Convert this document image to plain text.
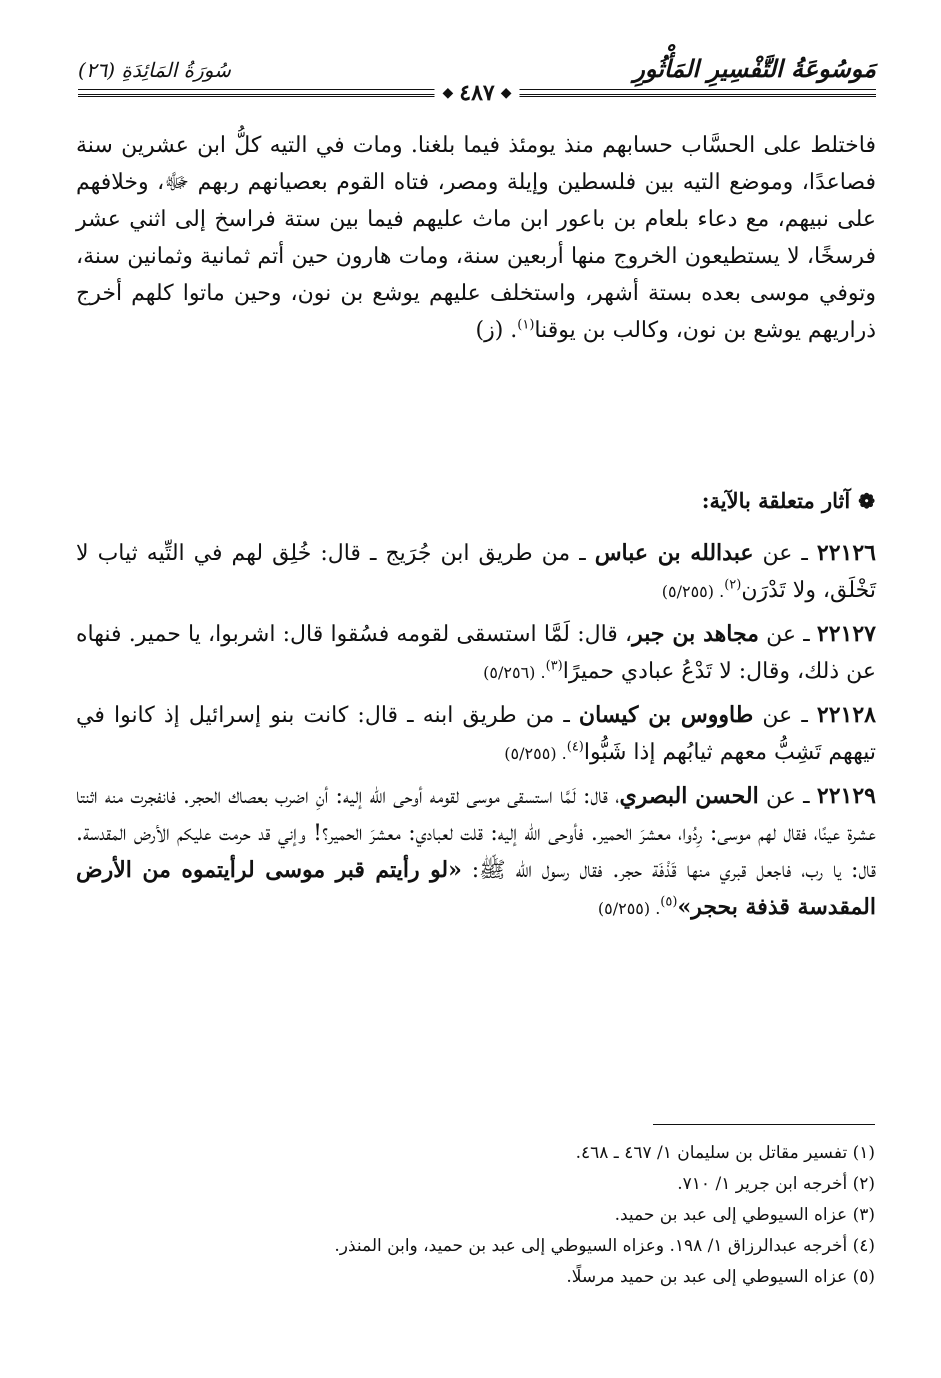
مَوسُوعَةُ التَّفْسِيرِ المَأْثُورِ
سُورَةُ المَائِدَةِ (٢٦)
◆
٤٨٧
◆

فاختلط على الحسَّاب حسابهم منذ يومئذ فيما بلغنا. ومات في التيه كلُّ ابن عشرين سنة فصاعدًا، وموضع التيه بين فلسطين وإيلة ومصر، فتاه القوم بعصيانهم ربهم ﷻ، وخلافهم على نبيهم، مع دعاء بلعام بن باعور ابن ماث عليهم فيما بين ستة فراسخ إلى اثني عشر فرسخًا، لا يستطيعون الخروج منها أربعين سنة، ومات هارون حين أتم ثمانية وثمانين سنة، وتوفي موسى بعده بستة أشهر، واستخلف عليهم يوشع بن نون، وحين ماتوا كلهم أخرج ذراريهم يوشع بن نون، وكالب بن يوقنا$^{(١)}$. (ز)

❁
آثار متعلقة بالآية:

٢٢١٢٦ ـ عن عبدالله بن عباس ـ من طريق ابن جُرَيج ـ قال: خُلِق لهم في التِّيه ثياب لا تَخْلَق، ولا تَدْرَن$^{(٢)}$. (٥/٢٥٥)

٢٢١٢٧ ـ عن مجاهد بن جبر، قال: لَمَّا استسقى لقومه فسُقوا قال: اشربوا، يا حمير. فنهاه عن ذلك، وقال: لا تَدْعُ عبادي حميرًا$^{(٣)}$. (٥/٢٥٦)

٢٢١٢٨ ـ عن طاووس بن كيسان ـ من طريق ابنه ـ قال: كانت بنو إسرائيل إذ كانوا في تيههم تَشِبُّ معهم ثيابُهم إذا شَبُّوا$^{(٤)}$. (٥/٢٥٥)

٢٢١٢٩ ـ عن الحسن البصري، قال: لَمَّا استسقى موسى لقومه أوحى الله إليه: أنِ اضرب بعصاك الحجر. فانفجرت منه اثنتا عشرة عينًا، فقال لهم موسى: رِدُوا، معشرَ الحمير. فأوحى الله إليه: قلت لعبادي: معشرَ الحمير؟! وإني قد حرمت عليكم الأرض المقدسة. قال: يا رب، فاجعل قبري منها قَذْفَة حجر. فقال رسول الله ﷺ: «لو رأيتم قبر موسى لرأيتموه من الأرض المقدسة قذفة بحجر»$^{(٥)}$. (٥/٢٥٥)

(١) تفسير مقاتل بن سليمان ١/ ٤٦٧ ـ ٤٦٨.
(٢) أخرجه ابن جرير ١/ ٧١٠.
(٣) عزاه السيوطي إلى عبد بن حميد.
(٤) أخرجه عبدالرزاق ١/ ١٩٨. وعزاه السيوطي إلى عبد بن حميد، وابن المنذر.
(٥) عزاه السيوطي إلى عبد بن حميد مرسلًا.
